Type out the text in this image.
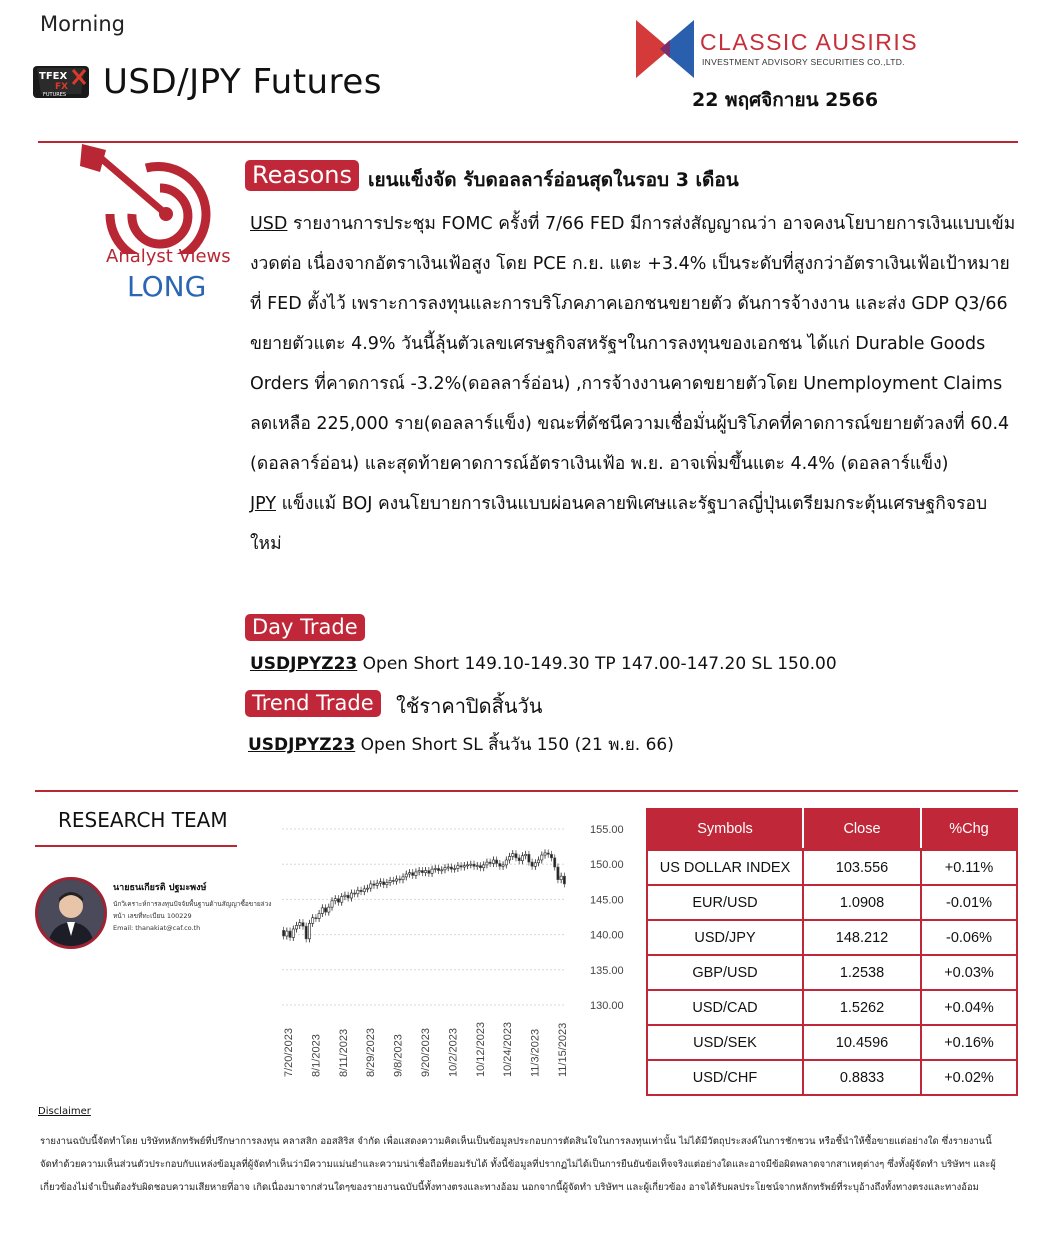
Morning
TFEX
FX
FUTURES USD/JPY Futures
CLASSIC AUSIRIS
INVESTMENT ADVISORY SECURITIES CO.,LTD.
22 พฤศจิกายน 2566
Analyst Views
LONG
Reasons เยนแข็งจัด รับดอลลาร์อ่อนสุดในรอบ 3 เดือน

USD รายงานการประชุม FOMC ครั้งที่ 7/66 FED มีการส่งสัญญาณว่า อาจคงนโยบายการเงินแบบเข้มงวดต่อ เนื่องจากอัตราเงินเฟ้อสูง โดย PCE ก.ย. แตะ +3.4% เป็นระดับที่สูงกว่าอัตราเงินเฟ้อเป้าหมายที่ FED ตั้งไว้ เพราะการลงทุนและการบริโภคภาคเอกชนขยายตัว ดันการจ้างงาน และส่ง GDP Q3/66 ขยายตัวแตะ 4.9% วันนี้ลุ้นตัวเลขเศรษฐกิจสหรัฐฯในการลงทุนของเอกชน ได้แก่ Durable Goods Orders ที่คาดการณ์ -3.2%(ดอลลาร์อ่อน) ,การจ้างงานคาดขยายตัวโดย Unemployment Claims ลดเหลือ 225,000 ราย(ดอลลาร์แข็ง) ขณะที่ดัชนีความเชื่อมั่นผู้บริโภคที่คาดการณ์ขยายตัวลงที่ 60.4 (ดอลลาร์อ่อน) และสุดท้ายคาดการณ์อัตราเงินเฟ้อ พ.ย. อาจเพิ่มขึ้นแตะ 4.4% (ดอลลาร์แข็ง)

JPY แข็งแม้ BOJ คงนโยบายการเงินแบบผ่อนคลายพิเศษและรัฐบาลญี่ปุ่นเตรียมกระตุ้นเศรษฐกิจรอบใหม่

Day Trade
USDJPYZ23 Open Short 149.10-149.30 TP 147.00-147.20 SL 150.00
Trend Trade	ใช้ราคาปิดสิ้นวัน
USDJPYZ23 Open Short SL สิ้นวัน 150 (21 พ.ย. 66)
RESEARCH TEAM
นายธนเกียรติ ปฐมะพงษ์
นักวิเคราะห์การลงทุนปัจจัยพื้นฐานด้านสัญญาซื้อขายล่วงหน้า เลขที่ทะเบียน 100229
Email: thanakiat@caf.co.th
155.00
150.00
145.00
140.00
135.00
130.00
7/20/2023 8/1/2023 8/11/2023 8/29/2023 9/8/2023 9/20/2023 10/2/2023 10/12/2023 10/24/2023 11/3/2023 11/15/2023
Symbols	Close	%Chg
US DOLLAR INDEX	103.556	+0.11%
EUR/USD	1.0908	-0.01%
USD/JPY	148.212	-0.06%
GBP/USD	1.2538	+0.03%
USD/CAD	1.5262	+0.04%
USD/SEK	10.4596	+0.16%
USD/CHF	0.8833	+0.02%
Disclaimer
รายงานฉบับนี้จัดทำโดย บริษัทหลักทรัพย์ที่ปรึกษาการลงทุน คลาสสิก ออสสิริส จำกัด เพื่อแสดงความคิดเห็นเป็นข้อมูลประกอบการตัดสินใจในการลงทุนเท่านั้น ไม่ได้มีวัตถุประสงค์ในการชักชวน หรือชี้นำให้ซื้อขายแต่อย่างใด ซึ่งรายงานนี้ จัดทำด้วยความเห็นส่วนตัวประกอบกับแหล่งข้อมูลที่ผู้จัดทำเห็นว่ามีความแม่นยำและความน่าเชื่อถือที่ยอมรับได้ ทั้งนี้ข้อมูลที่ปรากฏไม่ได้เป็นการยืนยันข้อเท็จจริงแต่อย่างใดและอาจมีข้อผิดพลาดจากสาเหตุต่างๆ ซึ่งทั้งผู้จัดทำ บริษัทฯ และผู้เกี่ยวข้องไม่จำเป็นต้องรับผิดชอบความเสียหายที่อาจ เกิดเนื่องมาจากส่วนใดๆของรายงานฉบับนี้ทั้งทางตรงและทางอ้อม นอกจากนี้ผู้จัดทำ บริษัทฯ และผู้เกี่ยวข้อง อาจได้รับผลประโยชน์จากหลักทรัพย์ที่ระบุอ้างถึงทั้งทางตรงและทางอ้อม
